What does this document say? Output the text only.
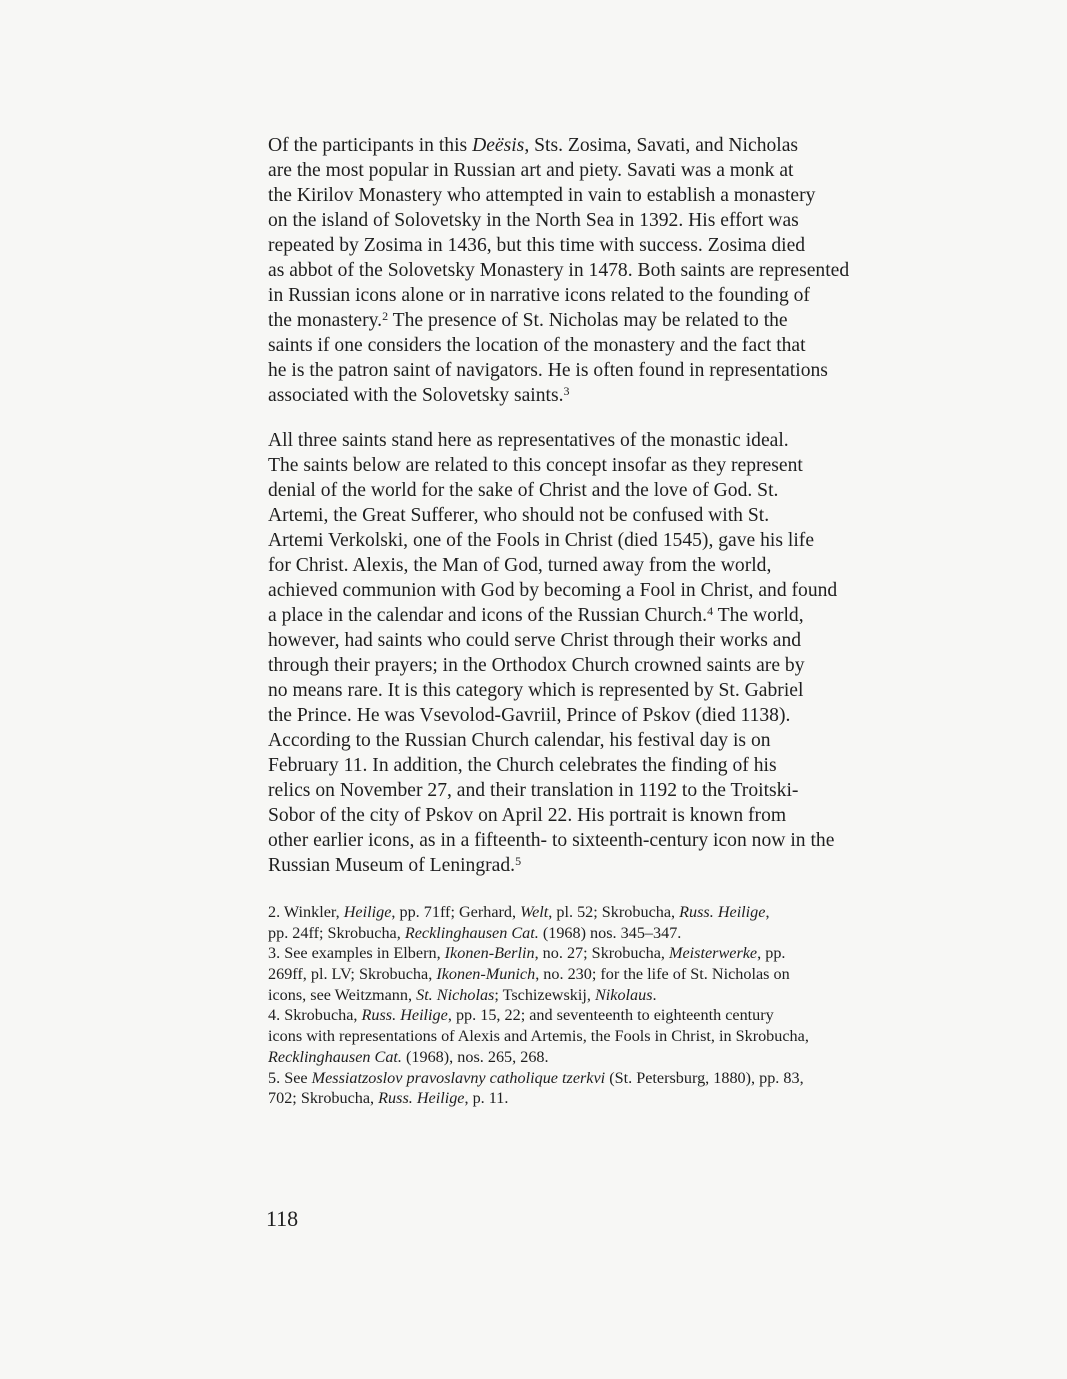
Of the participants in this Deësis, Sts. Zosima, Savati, and Nicholas
are the most popular in Russian art and piety. Savati was a monk at
the Kirilov Monastery who attempted in vain to establish a monastery
on the island of Solovetsky in the North Sea in 1392. His effort was
repeated by Zosima in 1436, but this time with success. Zosima died
as abbot of the Solovetsky Monastery in 1478. Both saints are represented
in Russian icons alone or in narrative icons related to the founding of
the monastery.$^2$ The presence of St. Nicholas may be related to the
saints if one considers the location of the monastery and the fact that
he is the patron saint of navigators. He is often found in representations
associated with the Solovetsky saints.$^3$
All three saints stand here as representatives of the monastic ideal.
The saints below are related to this concept insofar as they represent
denial of the world for the sake of Christ and the love of God. St.
Artemi, the Great Sufferer, who should not be confused with St.
Artemi Verkolski, one of the Fools in Christ (died 1545), gave his life
for Christ. Alexis, the Man of God, turned away from the world,
achieved communion with God by becoming a Fool in Christ, and found
a place in the calendar and icons of the Russian Church.$^4$ The world,
however, had saints who could serve Christ through their works and
through their prayers; in the Orthodox Church crowned saints are by
no means rare. It is this category which is represented by St. Gabriel
the Prince. He was Vsevolod-Gavriil, Prince of Pskov (died 1138).
According to the Russian Church calendar, his festival day is on
February 11. In addition, the Church celebrates the finding of his
relics on November 27, and their translation in 1192 to the Troitski-
Sobor of the city of Pskov on April 22. His portrait is known from
other earlier icons, as in a fifteenth- to sixteenth-century icon now in the
Russian Museum of Leningrad.$^5$
2. Winkler, Heilige, pp. 71ff; Gerhard, Welt, pl. 52; Skrobucha, Russ. Heilige,
pp. 24ff; Skrobucha, Recklinghausen Cat. (1968) nos. 345–347.
3. See examples in Elbern, Ikonen-Berlin, no. 27; Skrobucha, Meisterwerke, pp.
269ff, pl. LV; Skrobucha, Ikonen-Munich, no. 230; for the life of St. Nicholas on
icons, see Weitzmann, St. Nicholas; Tschizewskij, Nikolaus.
4. Skrobucha, Russ. Heilige, pp. 15, 22; and seventeenth to eighteenth century
icons with representations of Alexis and Artemis, the Fools in Christ, in Skrobucha,
Recklinghausen Cat. (1968), nos. 265, 268.
5. See Messiatzoslov pravoslavny catholique tzerkvi (St. Petersburg, 1880), pp. 83,
702; Skrobucha, Russ. Heilige, p. 11.
118
